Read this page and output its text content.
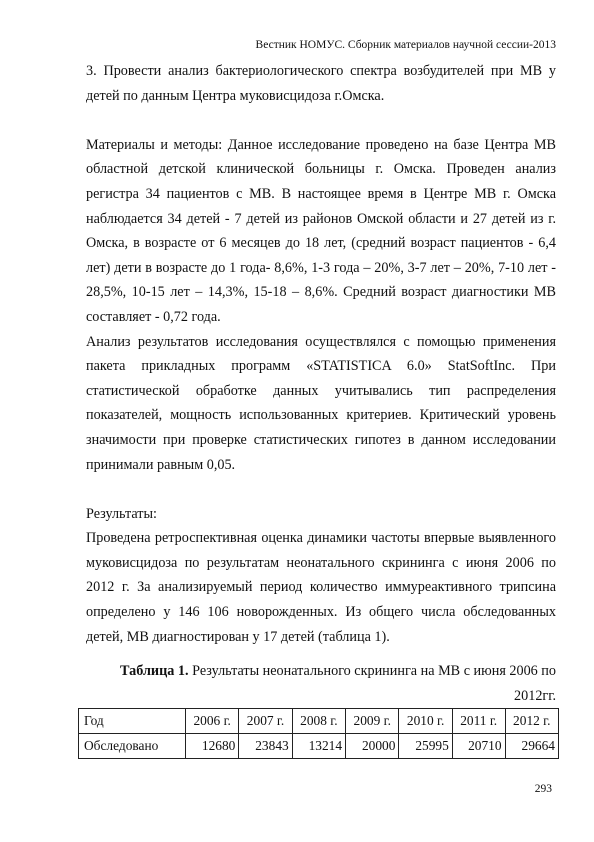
Вестник НОМУС. Сборник материалов научной сессии-2013

3. Провести анализ бактериологического спектра возбудителей при МВ у детей по данным Центра муковисцидоза г.Омска.

Материалы и методы: Данное исследование проведено на базе Центра МВ областной детской клинической больницы г. Омска. Проведен анализ регистра 34 пациентов с МВ. В настоящее время в Центре МВ г. Омска наблюдается 34 детей - 7 детей из районов Омской области и 27 детей из г. Омска, в возрасте от 6 месяцев до 18 лет, (средний возраст пациентов - 6,4 лет) дети в возрасте до 1 года- 8,6%, 1-3 года – 20%, 3-7 лет – 20%, 7-10 лет - 28,5%, 10-15 лет – 14,3%, 15-18 – 8,6%. Средний возраст диагностики МВ составляет - 0,72 года.

Анализ результатов исследования осуществлялся с помощью применения пакета прикладных программ «STATISTICA 6.0» StatSoftInc. При статистической обработке данных учитывались тип распределения показателей, мощность использованных критериев. Критический уровень значимости при проверке статистических гипотез в данном исследовании принимали равным 0,05.

Результаты:

Проведена ретроспективная оценка динамики частоты впервые выявленного муковисцидоза по результатам неонатального скрининга с июня 2006 по 2012 г. За анализируемый период количество иммуреактивного трипсина определено у 146 106 новорожденных. Из общего числа обследованных детей, МВ диагностирован у 17 детей (таблица 1).

Таблица 1. Результаты неонатального скрининга на МВ с июня 2006 по 2012гг.
Год	2006 г.	2007 г.	2008 г.	2009 г.	2010 г.	2011 г.	2012 г.
Обследовано	12680	23843	13214	20000	25995	20710	29664
293
